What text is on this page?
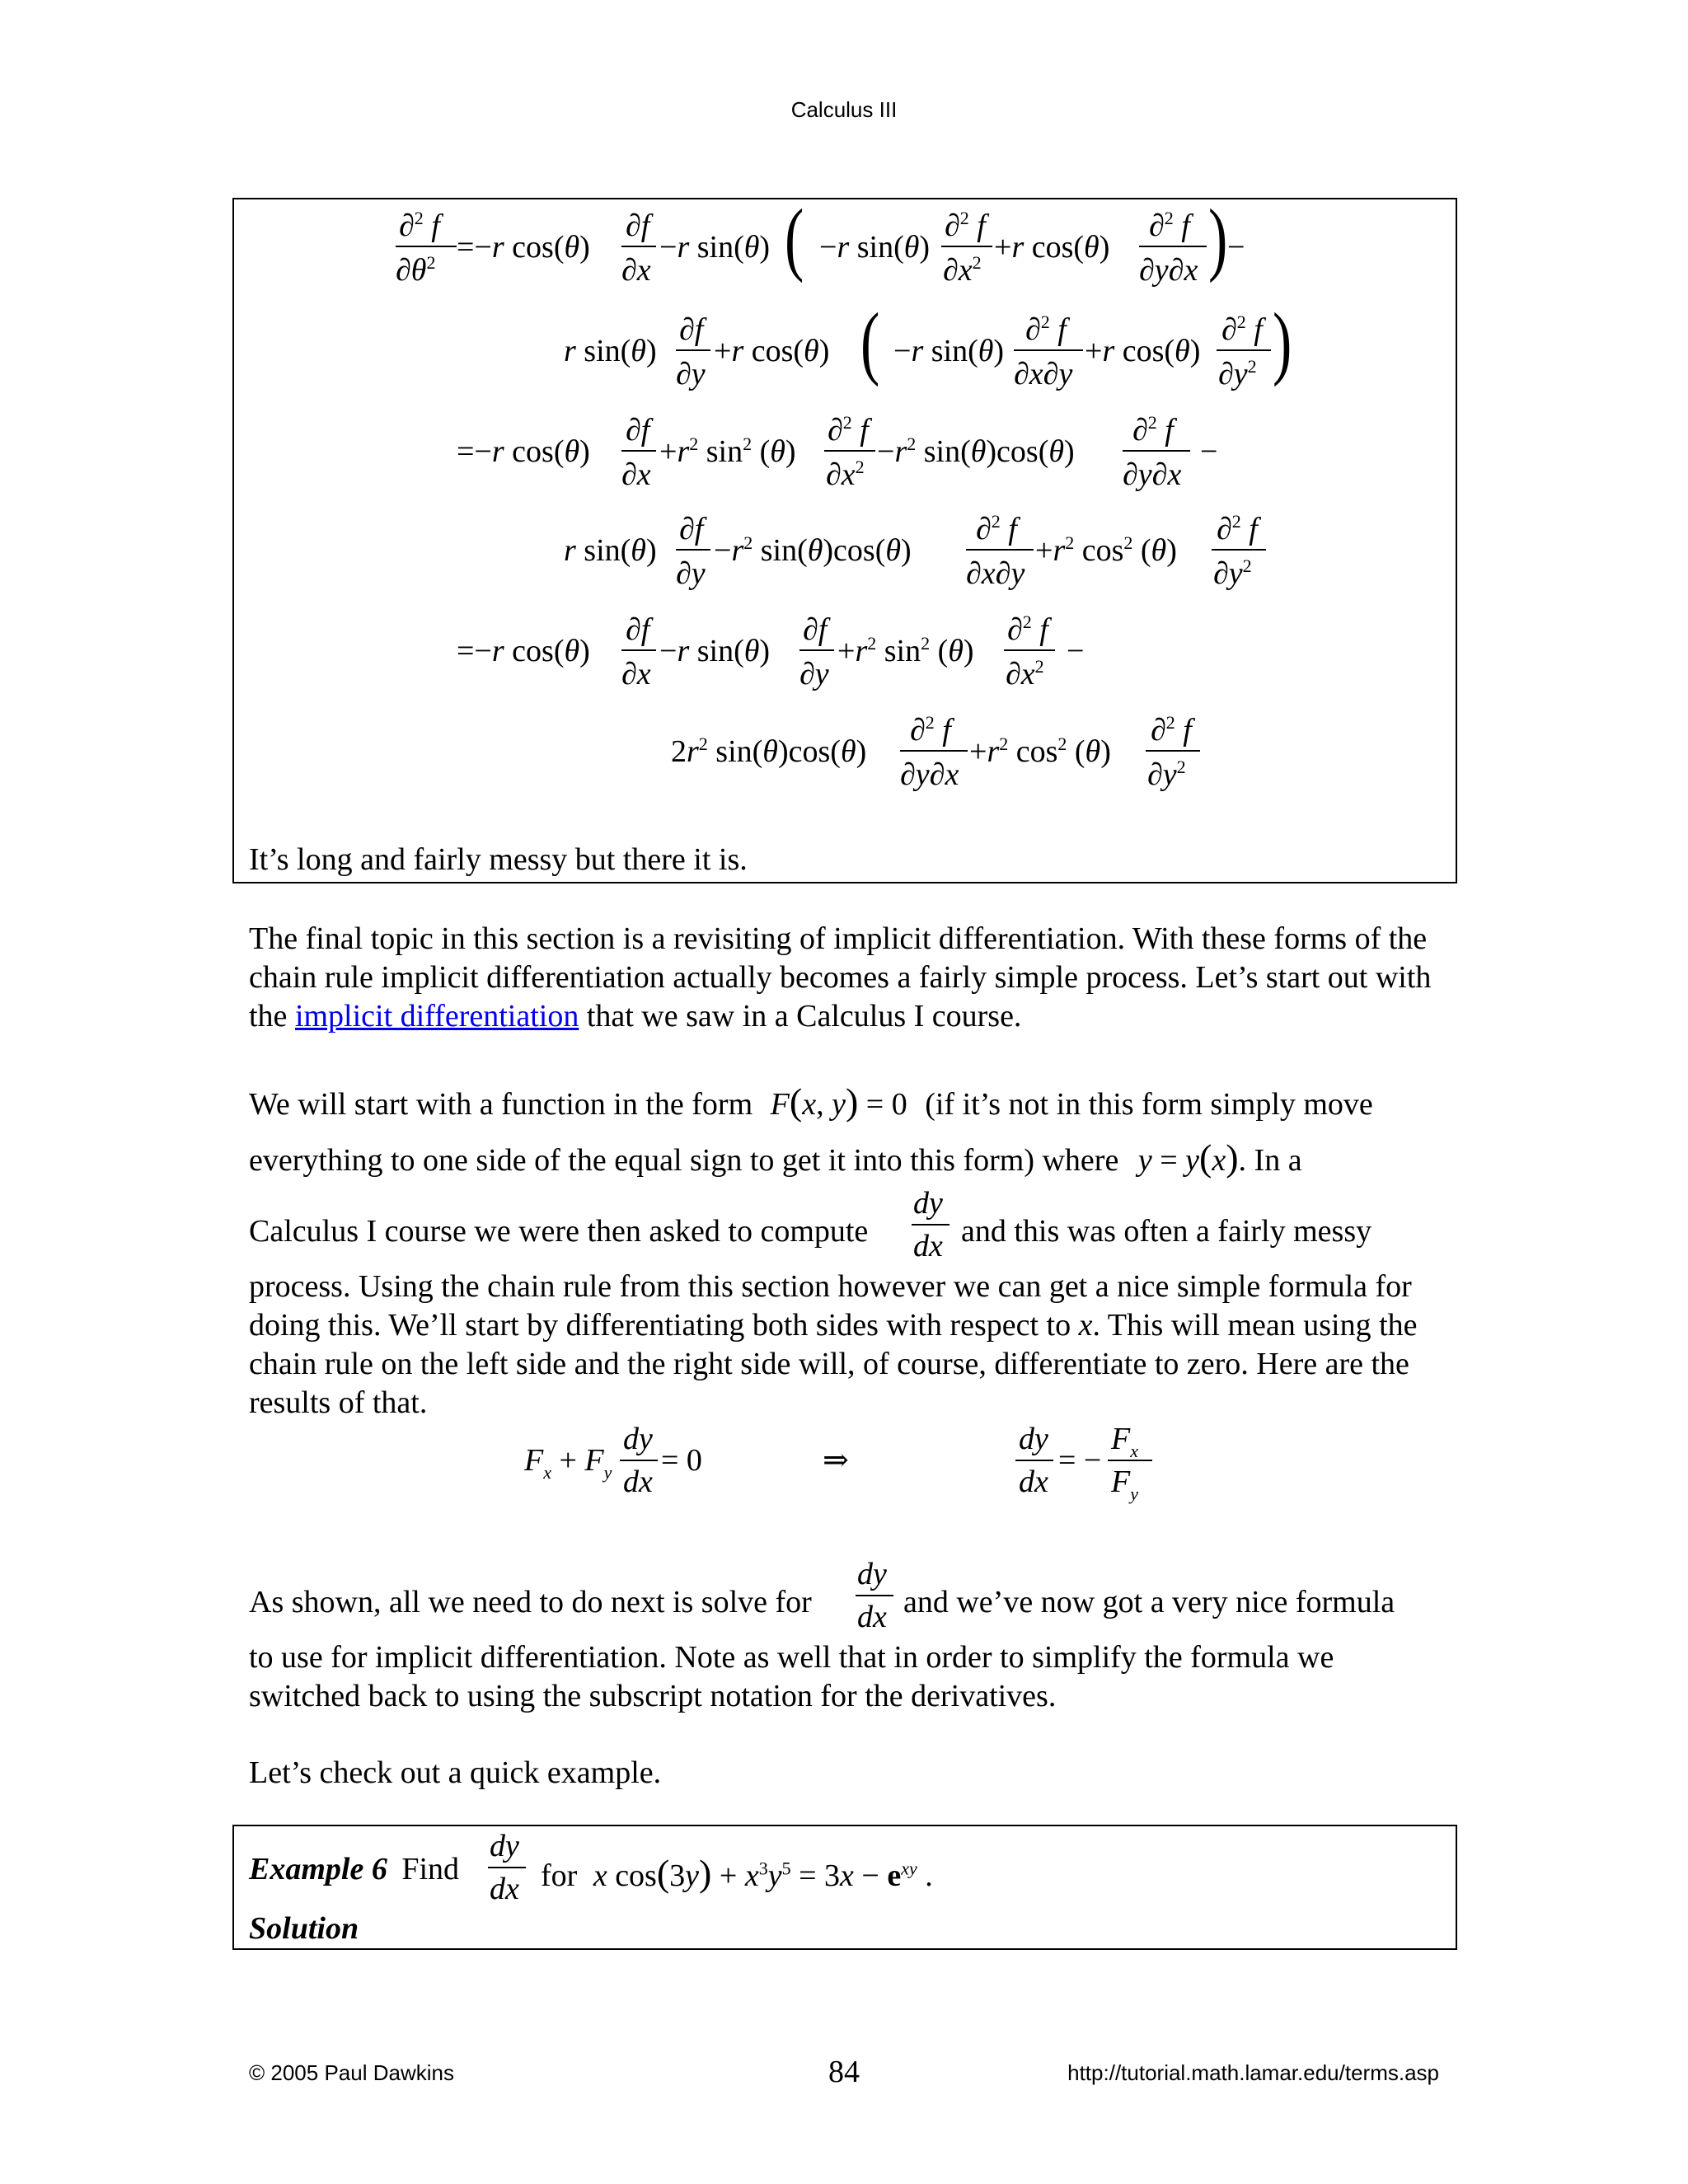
Calculus III
∂$^2$ f
$\partial\theta^2 =-r$ cos(θ)
∂f
∂x
−r sin(θ) ( −r sin(θ)
∂$^2$ f
$\partial x^2 +r$ cos(θ)
∂$^2$ f
∂y∂x ) −
r sin(θ)
∂f
∂y
+r cos(θ) ( −r sin(θ)
∂$^2$ f
∂x∂y
+r cos(θ)
∂$^2$ f
$\partial y^2$ )
=−r cos(θ)
∂f
∂x
$+r^2$ $\sin^2 (\theta)$
∂$^2$ f
$\partial x^2 -r^2$ sin(θ)cos(θ)
∂$^2$ f
∂y∂x
−
r sin(θ)
∂f
∂y
$-r^2$ sin(θ)cos(θ)
∂$^2$ f
∂x∂y
$+r^2$ $\cos^2 (\theta)$
∂$^2$ f
$\partial y^2$
=−r cos(θ)
∂f
∂x
−r sin(θ)
∂f
∂y
$+r^2$ $\sin^2 (\theta)$
∂$^2$ f
$\partial x^2$ −
$2r^2$ sin(θ)cos(θ)
∂$^2$ f
∂y∂x
$+r^2$ $\cos^2 (\theta)$
∂$^2$ f
$\partial y^2$
It’s long and fairly messy but there it is.
The final topic in this section is a revisiting of implicit differentiation. With these forms of the chain rule implicit differentiation actually becomes a fairly simple process. Let’s start out with the implicit differentiation that we saw in a Calculus I course.
We will start with a function in the form F(x, y) = 0 (if it’s not in this form simply move
everything to one side of the equal sign to get it into this form) where y = y(x). In a
Calculus I course we were then asked to compute
dy
dx and this was often a fairly messy
process. Using the chain rule from this section however we can get a nice simple formula for doing this. We’ll start by differentiating both sides with respect to x. This will mean using the chain rule on the left side and the right side will, of course, differentiate to zero. Here are the results of that.
$F_x + F_y$
dy
dx
= 0	⇒
dy
dx
= −
$F_x$
$F_y$
As shown, all we need to do next is solve for
dy
dx and we’ve now got a very nice formula
to use for implicit differentiation. Note as well that in order to simplify the formula we switched back to using the subscript notation for the derivatives.
Let’s check out a quick example.
Example 6 Find
dy
dx for x $\cos(3y) + x^3y^5 = 3x - e^{xy}$ .
Solution
© 2005 Paul Dawkins	84	http://tutorial.math.lamar.edu/terms.asp
